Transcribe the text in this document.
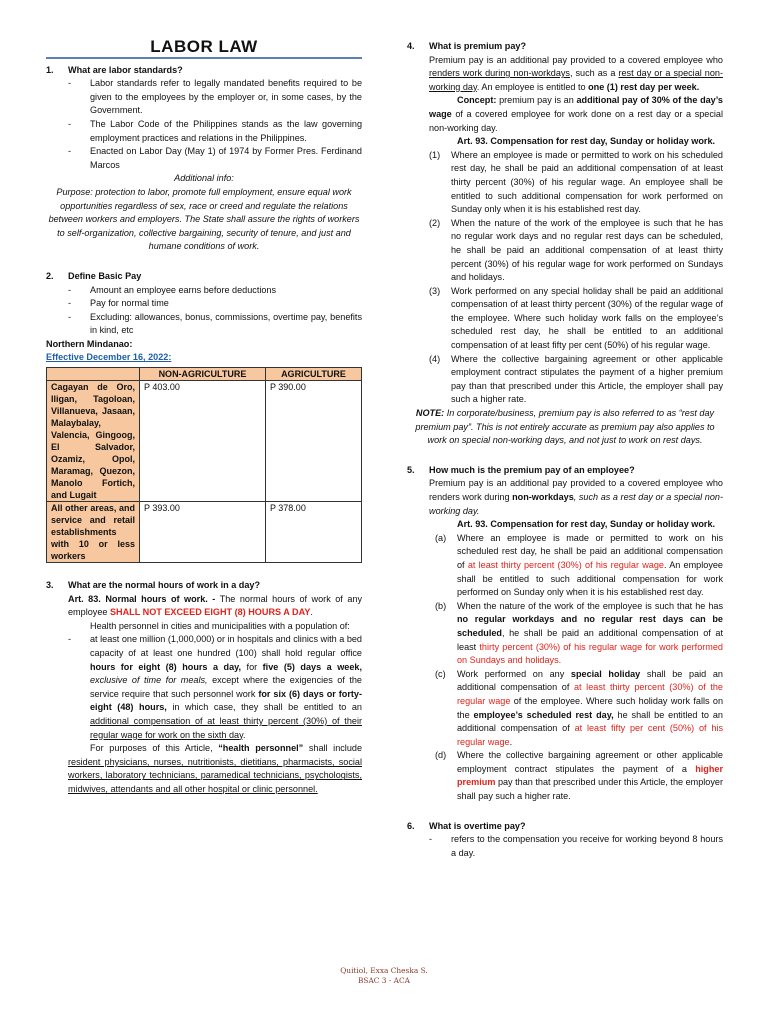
LABOR LAW
1. What are labor standards?
- Labor standards refer to legally mandated benefits required to be given to the employees by the employer or, in some cases, by the Government.
- The Labor Code of the Philippines stands as the law governing employment practices and relations in the Philippines.
- Enacted on Labor Day (May 1) of 1974 by Former Pres. Ferdinand Marcos
Additional info:
Purpose: protection to labor, promote full employment, ensure equal work opportunities regardless of sex, race or creed and regulate the relations between workers and employers. The State shall assure the rights of workers to self-organization, collective bargaining, security of tenure, and just and humane conditions of work.
2. Define Basic Pay
- Amount an employee earns before deductions
- Pay for normal time
- Excluding: allowances, bonus, commissions, overtime pay, benefits in kind, etc
Northern Mindanao:
Effective December 16, 2022:
	NON-AGRICULTURE	AGRICULTURE
Cagayan de Oro, Iligan, Tagoloan, Villanueva, Jasaan, Malaybalay, Valencia, Gingoog, El Salvador, Ozamiz, Opol, Maramag, Quezon, Manolo Fortich, and Lugait	P 403.00	P 390.00
All other areas, and service and retail establishments with 10 or less workers	P 393.00	P 378.00
3. What are the normal hours of work in a day?
Art. 83. Normal hours of work. - The normal hours of work of any employee SHALL NOT EXCEED EIGHT (8) HOURS A DAY.
Health personnel in cities and municipalities with a population of:
- at least one million (1,000,000) or in hospitals and clinics with a bed capacity of at least one hundred (100) shall hold regular office hours for eight (8) hours a day, for five (5) days a week, exclusive of time for meals, except where the exigencies of the service require that such personnel work for six (6) days or forty-eight (48) hours, in which case, they shall be entitled to an additional compensation of at least thirty percent (30%) of their regular wage for work on the sixth day.
For purposes of this Article, “health personnel” shall include resident physicians, nurses, nutritionists, dietitians, pharmacists, social workers, laboratory technicians, paramedical technicians, psychologists, midwives, attendants and all other hospital or clinic personnel.
4. What is premium pay?
Premium pay is an additional pay provided to a covered employee who renders work during non-workdays, such as a rest day or a special non-working day. An employee is entitled to one (1) rest day per week.
Concept: premium pay is an additional pay of 30% of the day’s wage of a covered employee for work done on a rest day or a special non-working day.
Art. 93. Compensation for rest day, Sunday or holiday work.
(1) Where an employee is made or permitted to work on his scheduled rest day, he shall be paid an additional compensation of at least thirty percent (30%) of his regular wage. An employee shall be entitled to such additional compensation for work performed on Sunday only when it is his established rest day.
(2) When the nature of the work of the employee is such that he has no regular work days and no regular rest days can be scheduled, he shall be paid an additional compensation of at least thirty percent (30%) of his regular wage for work performed on Sundays and holidays.
(3) Work performed on any special holiday shall be paid an additional compensation of at least thirty percent (30%) of the regular wage of the employee. Where such holiday work falls on the employee’s scheduled rest day, he shall be entitled to an additional compensation of at least fifty per cent (50%) of his regular wage.
(4) Where the collective bargaining agreement or other applicable employment contract stipulates the payment of a higher premium pay than that prescribed under this Article, the employer shall pay such a higher rate.
NOTE: In corporate/business, premium pay is also referred to as “rest day premium pay”. This is not entirely accurate as premium pay also applies to work on special non-working days, and not just to work on rest days.
5. How much is the premium pay of an employee?
Premium pay is an additional pay provided to a covered employee who renders work during non-workdays, such as a rest day or a special non-working day.
Art. 93. Compensation for rest day, Sunday or holiday work.
(a) Where an employee is made or permitted to work on his scheduled rest day, he shall be paid an additional compensation of at least thirty percent (30%) of his regular wage. An employee shall be entitled to such additional compensation for work performed on Sunday only when it is his established rest day.
(b) When the nature of the work of the employee is such that he has no regular workdays and no regular rest days can be scheduled, he shall be paid an additional compensation of at least thirty percent (30%) of his regular wage for work performed on Sundays and holidays.
(c) Work performed on any special holiday shall be paid an additional compensation of at least thirty percent (30%) of the regular wage of the employee. Where such holiday work falls on the employee’s scheduled rest day, he shall be entitled to an additional compensation of at least fifty per cent (50%) of his regular wage.
(d) Where the collective bargaining agreement or other applicable employment contract stipulates the payment of a higher premium pay than that prescribed under this Article, the employer shall pay such a higher rate.
6. What is overtime pay?
- refers to the compensation you receive for working beyond 8 hours a day.
Quitiol, Exxa Cheska S.
BSAC 3 - ACA
